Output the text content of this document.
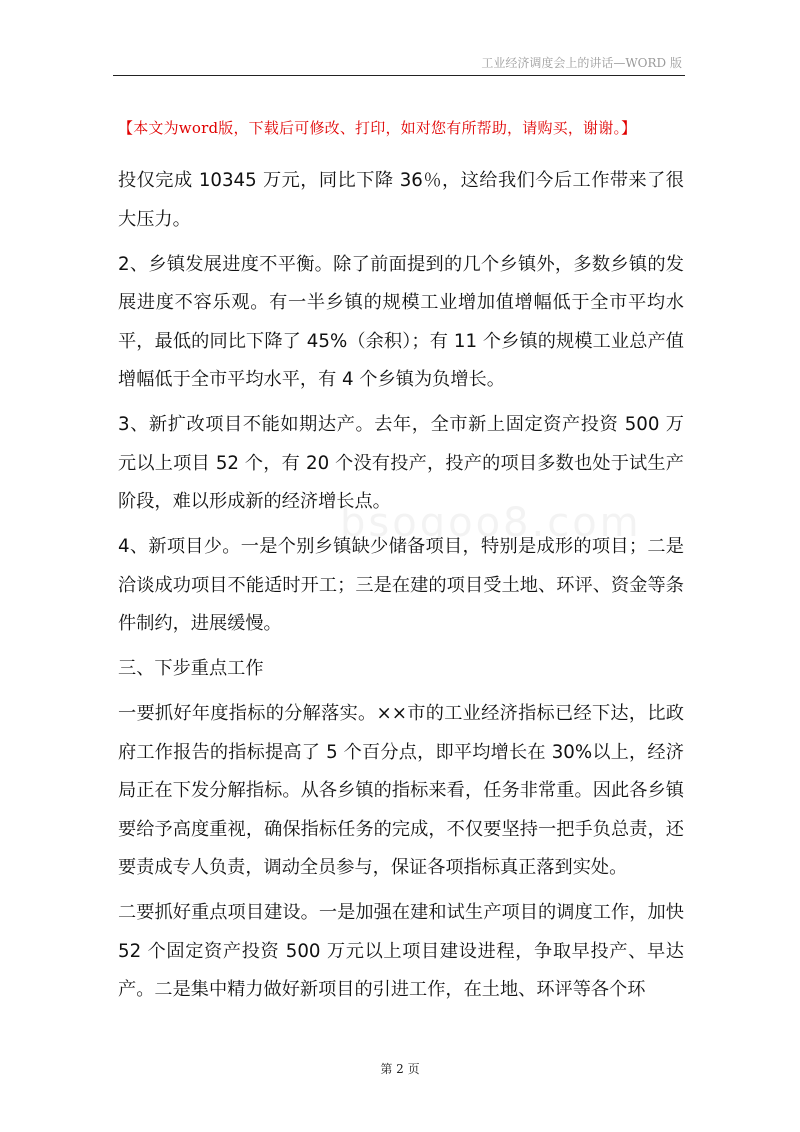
工业经济调度会上的讲话—WORD 版
【本文为word版，下载后可修改、打印，如对您有所帮助，请购买，谢谢。】
bsogoo8.com

投仅完成 10345 万元，同比下降 36％，这给我们今后工作带来了很大压力。

2、乡镇发展进度不平衡。除了前面提到的几个乡镇外，多数乡镇的发展进度不容乐观。有一半乡镇的规模工业增加值增幅低于全市平均水平，最低的同比下降了 45%（余积）；有 11 个乡镇的规模工业总产值增幅低于全市平均水平，有 4 个乡镇为负增长。

3、新扩改项目不能如期达产。去年，全市新上固定资产投资 500 万元以上项目 52 个，有 20 个没有投产，投产的项目多数也处于试生产阶段，难以形成新的经济增长点。

4、新项目少。一是个别乡镇缺少储备项目，特别是成形的项目；二是洽谈成功项目不能适时开工；三是在建的项目受土地、环评、资金等条件制约，进展缓慢。

三、下步重点工作

一要抓好年度指标的分解落实。××市的工业经济指标已经下达，比政府工作报告的指标提高了 5 个百分点，即平均增长在 30%以上，经济局正在下发分解指标。从各乡镇的指标来看，任务非常重。因此各乡镇要给予高度重视，确保指标任务的完成，不仅要坚持一把手负总责，还要责成专人负责，调动全员参与，保证各项指标真正落到实处。

二要抓好重点项目建设。一是加强在建和试生产项目的调度工作，加快 52 个固定资产投资 500 万元以上项目建设进程，争取早投产、早达产。二是集中精力做好新项目的引进工作，在土地、环评等各个环

第 2 页
